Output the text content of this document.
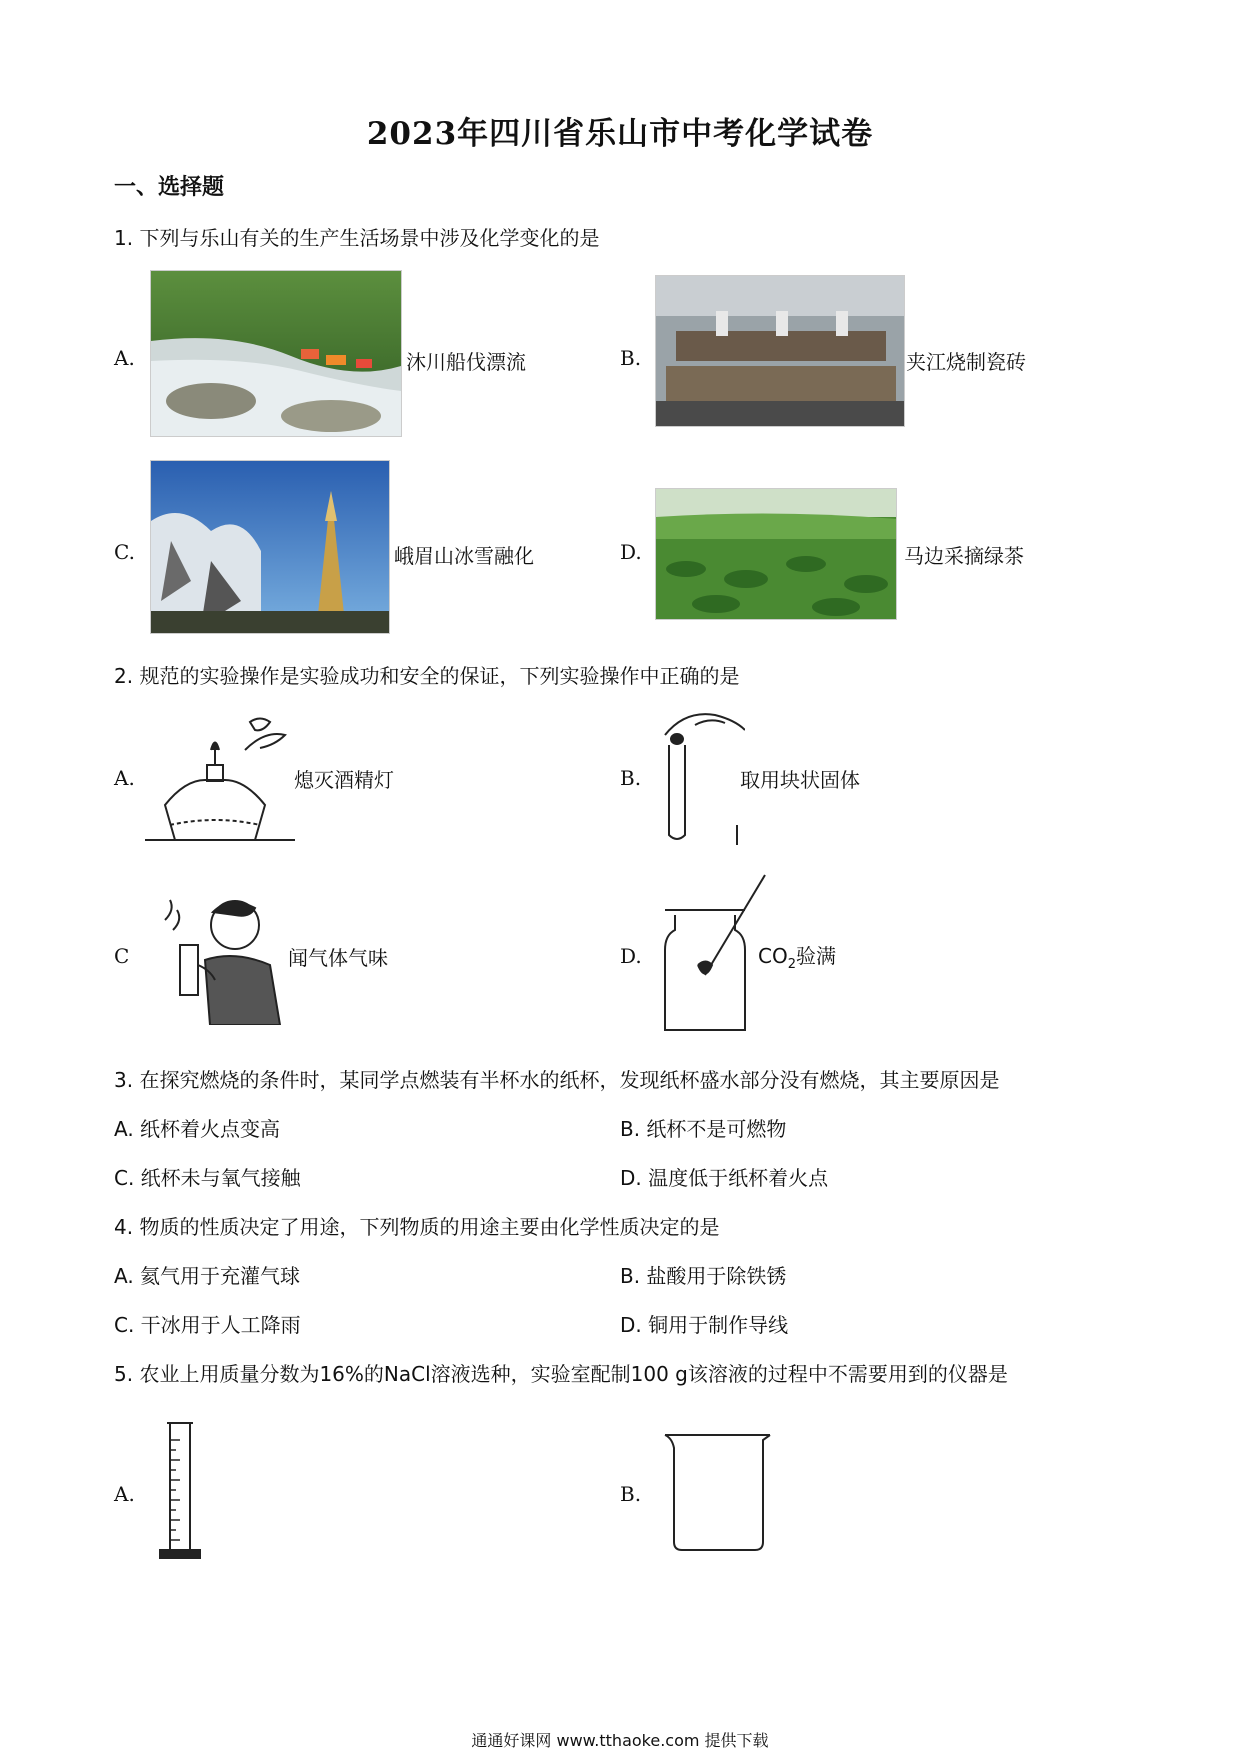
2023年四川省乐山市中考化学试卷
一、选择题
1. 下列与乐山有关的生产生活场景中涉及化学变化的是
A.	沐川船伐漂流	B.	夹江烧制瓷砖
C.	峨眉山冰雪融化	D.	马边采摘绿茶
2. 规范的实验操作是实验成功和安全的保证，下列实验操作中正确的是
A.	熄灭酒精灯	B.	取用块状固体
C	闻气体气味	D.	$CO_2$验满
3. 在探究燃烧的条件时，某同学点燃装有半杯水的纸杯，发现纸杯盛水部分没有燃烧，其主要原因是
A. 纸杯着火点变高	B. 纸杯不是可燃物
C. 纸杯未与氧气接触	D. 温度低于纸杯着火点
4. 物质的性质决定了用途，下列物质的用途主要由化学性质决定的是
A. 氦气用于充灌气球	B. 盐酸用于除铁锈
C. 干冰用于人工降雨	D. 铜用于制作导线
5. 农业上用质量分数为16%的NaCl溶液选种，实验室配制100 g该溶液的过程中不需要用到的仪器是
A.	B.
通通好课网 www.tthaoke.com 提供下载
